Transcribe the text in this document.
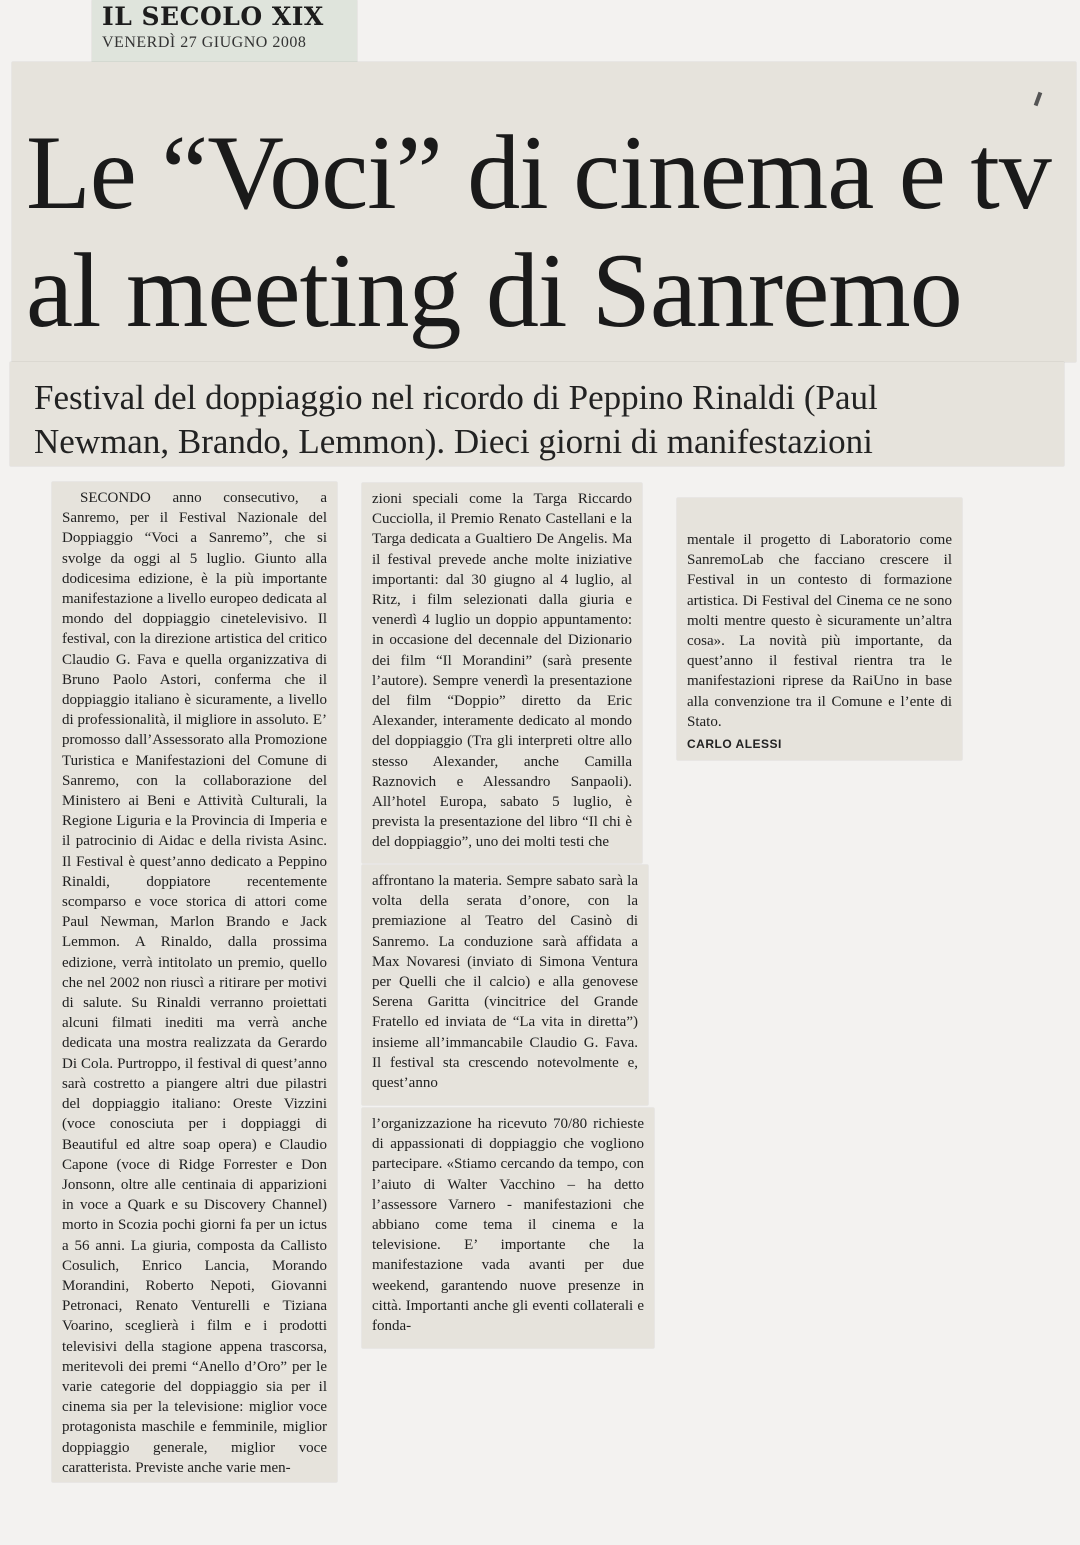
IL SECOLO XIX
VENERDÌ 27 GIUGNO 2008
Le “Voci” di cinema e tv
al meeting di Sanremo
Festival del doppiaggio nel ricordo di Peppino Rinaldi (Paul
Newman, Brando, Lemmon). Dieci giorni di manifestazioni
SECONDO anno consecutivo, a Sanremo, per il Festival Nazionale del Doppiaggio “Voci a Sanremo”, che si svolge da oggi al 5 luglio. Giunto alla dodicesima edizione, è la più importante manifestazione a livello europeo dedicata al mondo del doppiaggio cinetelevisivo. Il festival, con la direzione artistica del critico Claudio G. Fava e quella organizzativa di Bruno Paolo Astori, conferma che il doppiaggio italiano è sicuramente, a livello di professionalità, il migliore in assoluto. E’ promosso dall’Assessorato alla Promozione Turistica e Manifestazioni del Comune di Sanremo, con la collaborazione del Ministero ai Beni e Attività Culturali, la Regione Liguria e la Provincia di Imperia e il patrocinio di Aidac e della rivista Asinc. Il Festival è quest’anno dedicato a Peppino Rinaldi, doppiatore recentemente scomparso e voce storica di attori come Paul Newman, Marlon Brando e Jack Lemmon. A Rinaldo, dalla prossima edizione, verrà intitolato un premio, quello che nel 2002 non riuscì a ritirare per motivi di salute. Su Rinaldi verranno proiettati alcuni filmati inediti ma verrà anche dedicata una mostra realizzata da Gerardo Di Cola. Purtroppo, il festival di quest’anno sarà costretto a piangere altri due pilastri del doppiaggio italiano: Oreste Vizzini (voce conosciuta per i doppiaggi di Beautiful ed altre soap opera) e Claudio Capone (voce di Ridge Forrester e Don Jonsonn, oltre alle centinaia di apparizioni in voce a Quark e su Discovery Channel) morto in Scozia pochi giorni fa per un ictus a 56 anni. La giuria, composta da Callisto Cosulich, Enrico Lancia, Morando Morandini, Roberto Nepoti, Giovanni Petronaci, Renato Venturelli e Tiziana Voarino, sceglierà i film e i prodotti televisivi della stagione appena trascorsa, meritevoli dei premi “Anello d’Oro” per le varie categorie del doppiaggio sia per il cinema sia per la televisione: miglior voce protagonista maschile e femminile, miglior doppiaggio generale, miglior voce caratterista. Previste anche varie men-
zioni speciali come la Targa Riccardo Cucciolla, il Premio Renato Castellani e la Targa dedicata a Gualtiero De Angelis. Ma il festival prevede anche molte iniziative importanti: dal 30 giugno al 4 luglio, al Ritz, i film selezionati dalla giuria e venerdì 4 luglio un doppio appuntamento: in occasione del decennale del Dizionario dei film “Il Morandini” (sarà presente l’autore). Sempre venerdì la presentazione del film “Doppio” diretto da Eric Alexander, interamente dedicato al mondo del doppiaggio (Tra gli interpreti oltre allo stesso Alexander, anche Camilla Raznovich e Alessandro Sanpaoli). All’hotel Europa, sabato 5 luglio, è prevista la presentazione del libro “Il chi è del doppiaggio”, uno dei molti testi che
affrontano la materia. Sempre sabato sarà la volta della serata d’onore, con la premiazione al Teatro del Casinò di Sanremo. La conduzione sarà affidata a Max Novaresi (inviato di Simona Ventura per Quelli che il calcio) e alla genovese Serena Garitta (vincitrice del Grande Fratello ed inviata de “La vita in diretta”) insieme all’immancabile Claudio G. Fava. Il festival sta crescendo notevolmente e, quest’anno
l’organizzazione ha ricevuto 70/80 richieste di appassionati di doppiaggio che vogliono partecipare. «Stiamo cercando da tempo, con l’aiuto di Walter Vacchino – ha detto l’assessore Varnero - manifestazioni che abbiano come tema il cinema e la televisione. E’ importante che la manifestazione vada avanti per due weekend, garantendo nuove presenze in città. Importanti anche gli eventi collaterali e fonda-
mentale il progetto di Laboratorio come SanremoLab che facciano crescere il Festival in un contesto di formazione artistica. Di Festival del Cinema ce ne sono molti mentre questo è sicuramente un’altra cosa». La novità più importante, da quest’anno il festival rientra tra le manifestazioni riprese da RaiUno in base alla convenzione tra il Comune e l’ente di Stato.
CARLO ALESSI
